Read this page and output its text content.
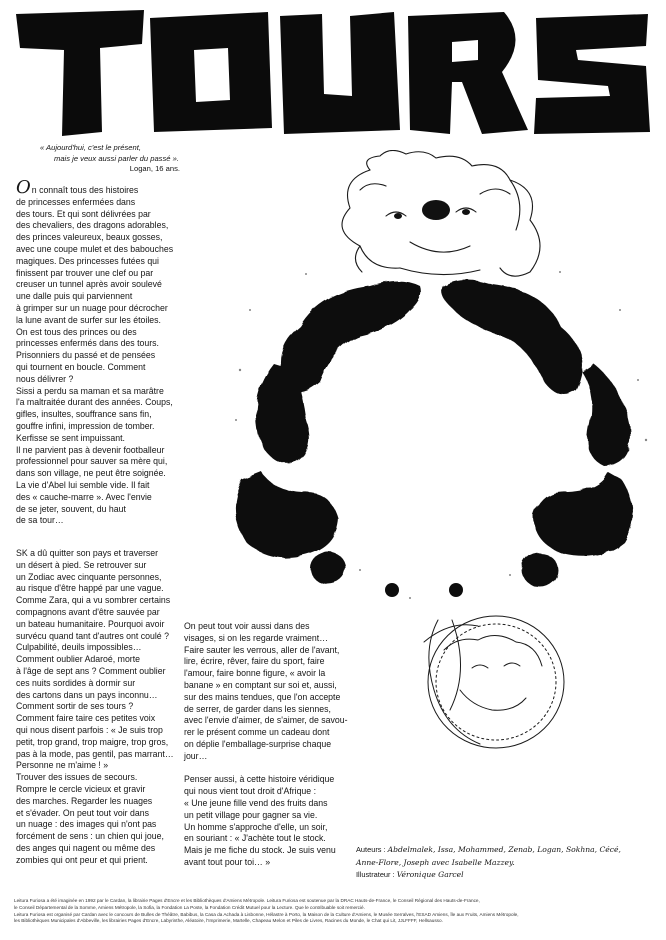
« Aujourd'hui, c'est le présent,
mais je veux aussi parler du passé ».
Logan, 16 ans.
On connaît tous des histoires
de princesses enfermées dans
des tours. Et qui sont délivrées par
des chevaliers, des dragons adorables,
des princes valeureux, beaux gosses,
avec une coupe mulet et des babouches
magiques. Des princesses futées qui
finissent par trouver une clef ou par
creuser un tunnel après avoir soulevé
une dalle puis qui parviennent
à grimper sur un nuage pour décrocher
la lune avant de surfer sur les étoiles.
On est tous des princes ou des
princesses enfermés dans des tours.
Prisonniers du passé et de pensées
qui tournent en boucle. Comment
nous délivrer ?
Sissi a perdu sa maman et sa marâtre
l'a maltraitée durant des années. Coups,
gifles, insultes, souffrance sans fin,
gouffre infini, impression de tomber.
Kerfisse se sent impuissant.
Il ne parvient pas à devenir footballeur
professionnel pour sauver sa mère qui,
dans son village, ne peut être soignée.
La vie d'Abel lui semble vide. Il fait
des « cauche-marre ». Avec l'envie
de se jeter, souvent, du haut
de sa tour…
SK a dû quitter son pays et traverser
un désert à pied. Se retrouver sur
un Zodiac avec cinquante personnes,
au risque d'être happé par une vague.
Comme Zara, qui a vu sombrer certains
compagnons avant d'être sauvée par
un bateau humanitaire. Pourquoi avoir
survécu quand tant d'autres ont coulé ?
Culpabilité, deuils impossibles…
Comment oublier Adaroé, morte
à l'âge de sept ans ? Comment oublier
ces nuits sordides à dormir sur
des cartons dans un pays inconnu…
Comment sortir de ses tours ?
Comment faire taire ces petites voix
qui nous disent parfois : « Je suis trop
petit, trop grand, trop maigre, trop gros,
pas à la mode, pas gentil, pas marrant…
Personne ne m'aime ! »
Trouver des issues de secours.
Rompre le cercle vicieux et gravir
des marches. Regarder les nuages
et s'évader. On peut tout voir dans
un nuage : des images qui n'ont pas
forcément de sens : un chien qui joue,
des anges qui nagent ou même des
zombies qui ont peur et qui prient.
On peut tout voir aussi dans des
visages, si on les regarde vraiment…
Faire sauter les verrous, aller de l'avant,
lire, écrire, rêver, faire du sport, faire
l'amour, faire bonne figure, « avoir la
banane » en comptant sur soi et, aussi,
sur des mains tendues, que l'on accepte
de serrer, de garder dans les siennes,
avec l'envie d'aimer, de s'aimer, de savou-
rer le présent comme un cadeau dont
on déplie l'emballage-surprise chaque
jour…
Penser aussi, à cette histoire véridique
qui nous vient tout droit d'Afrique :
« Une jeune fille vend des fruits dans
un petit village pour gagner sa vie.
Un homme s'approche d'elle, un soir,
en souriant : « J'achète tout le stock.
Mais je me fiche du stock. Je suis venu
avant tout pour toi… »
Auteurs : Abdelmalek, Issa, Mohammed, Zenab, Logan, Sokhna, Cécé,
Anne-Flore, Joseph avec Isabelle Mazzey.
Illustrateur : Véronique Garcel
Leitura Furiosa a été imaginée en 1992 par le Cardan, la librairie Pages d'Encre et les Bibliothèques d'Amiens Métropole. Leitura Furiosa est soutenue par la DRAC Hauts-de-France, le Conseil Régional des Hauts-de-France,
le Conseil Départemental de la Somme, Amiens Métropole, la Sofia, la Fondation La Poste, la Fondation Crédit Mutuel pour la Lecture. Que le contribuable soit remercié.
Leitura Furiosa est organisé par Cardan avec le concours de Bulles de Théâtre, Babibus, la Casa da Achada à Lisbonne, Hélastre à Porto, la Maison de la Culture d'Amiens, le Musée Serralves, l'ESAD Amiens, Île aux Fruits, Amiens Métropole,
les Bibliothèques Municipales d'Abbeville, les librairies Pages d'Encre, Labyrinthe, Aléatoire, l'Imprimerie, Martelle, Chapeau Melon et Piles de Livres, Racines du Monde, le Chat qui Lit, JJLFFFF, Hellsausso.
